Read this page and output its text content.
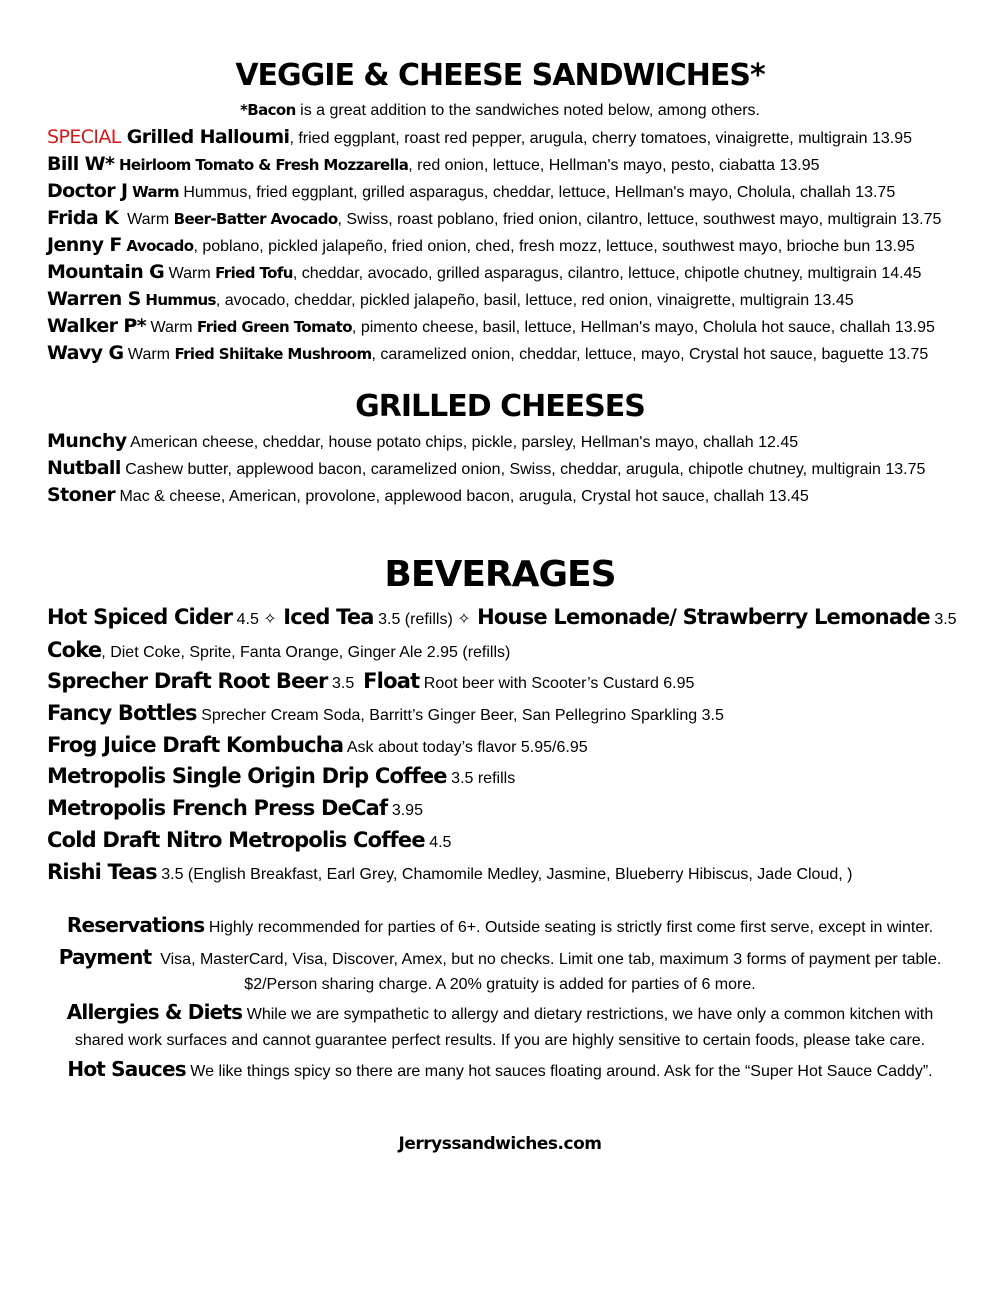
VEGGIE & CHEESE SANDWICHES*
*Bacon is a great addition to the sandwiches noted below, among others.
SPECIAL Grilled Halloumi, fried eggplant, roast red pepper, arugula, cherry tomatoes, vinaigrette, multigrain 13.95
Bill W* Heirloom Tomato & Fresh Mozzarella, red onion, lettuce, Hellman's mayo, pesto, ciabatta 13.95
Doctor J Warm Hummus, fried eggplant, grilled asparagus, cheddar, lettuce, Hellman's mayo, Cholula, challah 13.75
Frida K  Warm Beer-Batter Avocado, Swiss, roast poblano, fried onion, cilantro, lettuce, southwest mayo, multigrain 13.75
Jenny F Avocado, poblano, pickled jalapeño, fried onion, ched, fresh mozz, lettuce, southwest mayo, brioche bun 13.95
Mountain G Warm Fried Tofu, cheddar, avocado, grilled asparagus, cilantro, lettuce, chipotle chutney, multigrain 14.45
Warren S Hummus, avocado, cheddar, pickled jalapeño, basil, lettuce, red onion, vinaigrette, multigrain 13.45
Walker P* Warm Fried Green Tomato, pimento cheese, basil, lettuce, Hellman's mayo, Cholula hot sauce, challah 13.95
Wavy G Warm Fried Shiitake Mushroom, caramelized onion, cheddar, lettuce, mayo, Crystal hot sauce, baguette 13.75
GRILLED CHEESES
Munchy American cheese, cheddar, house potato chips, pickle, parsley, Hellman's mayo, challah 12.45
Nutball Cashew butter, applewood bacon, caramelized onion, Swiss, cheddar, arugula, chipotle chutney, multigrain 13.75
Stoner Mac & cheese, American, provolone, applewood bacon, arugula, Crystal hot sauce, challah 13.45
BEVERAGES
Hot Spiced Cider 4.5 ✧ Iced Tea 3.5 (refills) ✧ House Lemonade/ Strawberry Lemonade 3.5
Coke, Diet Coke, Sprite, Fanta Orange, Ginger Ale 2.95 (refills)
Sprecher Draft Root Beer 3.5  Float Root beer with Scooter’s Custard 6.95
Fancy Bottles Sprecher Cream Soda, Barritt’s Ginger Beer, San Pellegrino Sparkling 3.5
Frog Juice Draft Kombucha Ask about today’s flavor 5.95/6.95
Metropolis Single Origin Drip Coffee 3.5 refills
Metropolis French Press DeCaf 3.95
Cold Draft Nitro Metropolis Coffee 4.5
Rishi Teas 3.5 (English Breakfast, Earl Grey, Chamomile Medley, Jasmine, Blueberry Hibiscus, Jade Cloud, )
Reservations Highly recommended for parties of 6+. Outside seating is strictly first come first serve, except in winter.
Payment  Visa, MasterCard, Visa, Discover, Amex, but no checks. Limit one tab, maximum 3 forms of payment per table.
$2/Person sharing charge. A 20% gratuity is added for parties of 6 more.
Allergies & Diets While we are sympathetic to allergy and dietary restrictions, we have only a common kitchen with
shared work surfaces and cannot guarantee perfect results. If you are highly sensitive to certain foods, please take care.
Hot Sauces We like things spicy so there are many hot sauces floating around. Ask for the “Super Hot Sauce Caddy”.
Jerryssandwiches.com
